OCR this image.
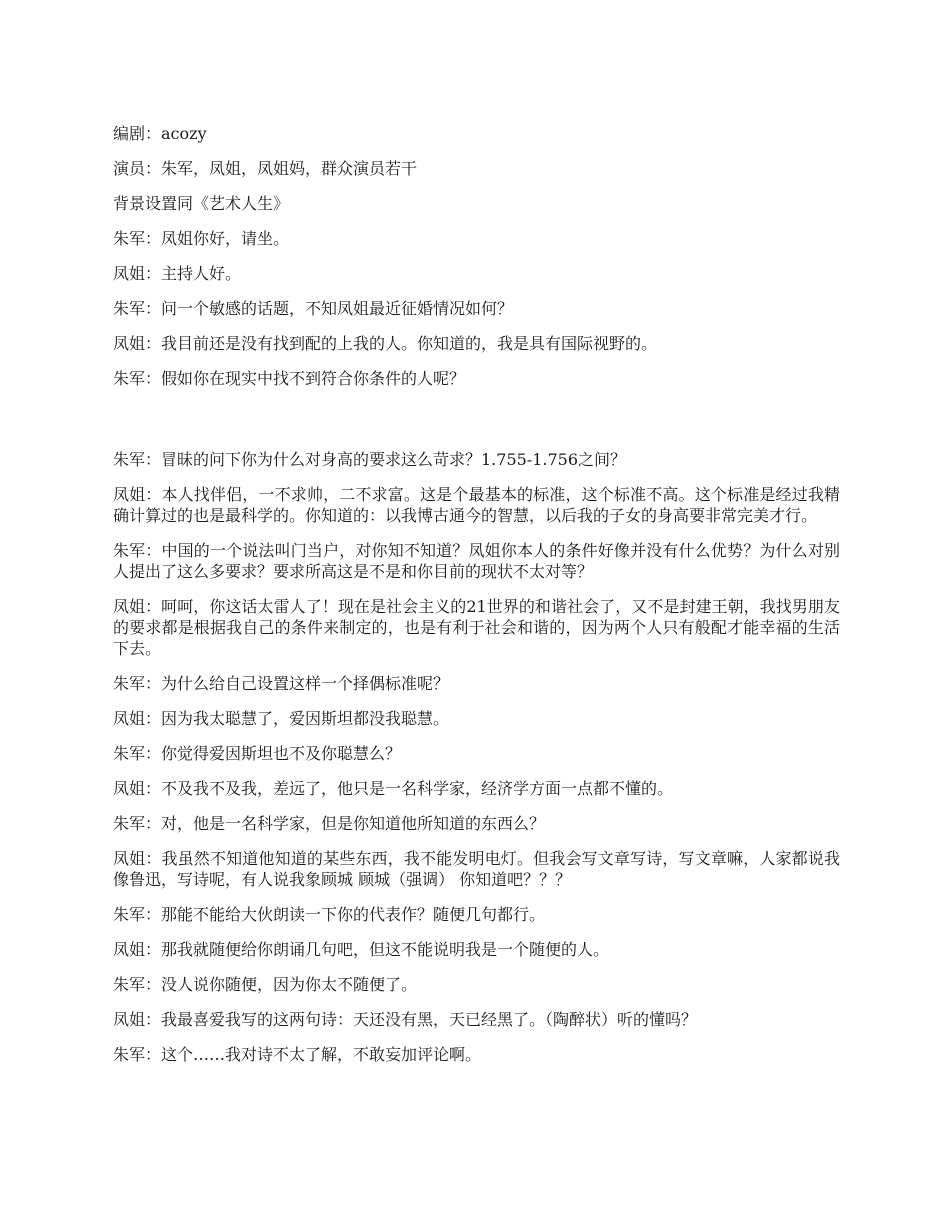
编剧：acozy

演员：朱军，凤姐，凤姐妈，群众演员若干

背景设置同《艺术人生》

朱军：凤姐你好，请坐。

凤姐：主持人好。

朱军：问一个敏感的话题，不知凤姐最近征婚情况如何？

凤姐：我目前还是没有找到配的上我的人。你知道的，我是具有国际视野的。

朱军：假如你在现实中找不到符合你条件的人呢？

朱军：冒昧的问下你为什么对身高的要求这么苛求？1.755-1.756之间？

凤姐：本人找伴侣，一不求帅，二不求富。这是个最基本的标准，这个标准不高。这个标准是经过我精确计算过的也是最科学的。你知道的：以我博古通今的智慧，以后我的子女的身高要非常完美才行。

朱军：中国的一个说法叫门当户，对你知不知道？凤姐你本人的条件好像并没有什么优势？为什么对别人提出了这么多要求？要求所高这是不是和你目前的现状不太对等？

凤姐：呵呵，你这话太雷人了！现在是社会主义的21世界的和谐社会了，又不是封建王朝，我找男朋友的要求都是根据我自己的条件来制定的，也是有利于社会和谐的，因为两个人只有般配才能幸福的生活下去。

朱军：为什么给自己设置这样一个择偶标准呢？

凤姐：因为我太聪慧了，爱因斯坦都没我聪慧。

朱军：你觉得爱因斯坦也不及你聪慧么？

凤姐：不及我不及我，差远了，他只是一名科学家，经济学方面一点都不懂的。

朱军：对，他是一名科学家，但是你知道他所知道的东西么？

凤姐：我虽然不知道他知道的某些东西，我不能发明电灯。但我会写文章写诗，写文章嘛，人家都说我像鲁迅，写诗呢，有人说我象顾城 顾城（强调） 你知道吧？？？

朱军：那能不能给大伙朗读一下你的代表作？随便几句都行。

凤姐：那我就随便给你朗诵几句吧，但这不能说明我是一个随便的人。

朱军：没人说你随便，因为你太不随便了。

凤姐：我最喜爱我写的这两句诗：天还没有黑，天已经黑了。（陶醉状）听的懂吗？

朱军：这个……我对诗不太了解，不敢妄加评论啊。
